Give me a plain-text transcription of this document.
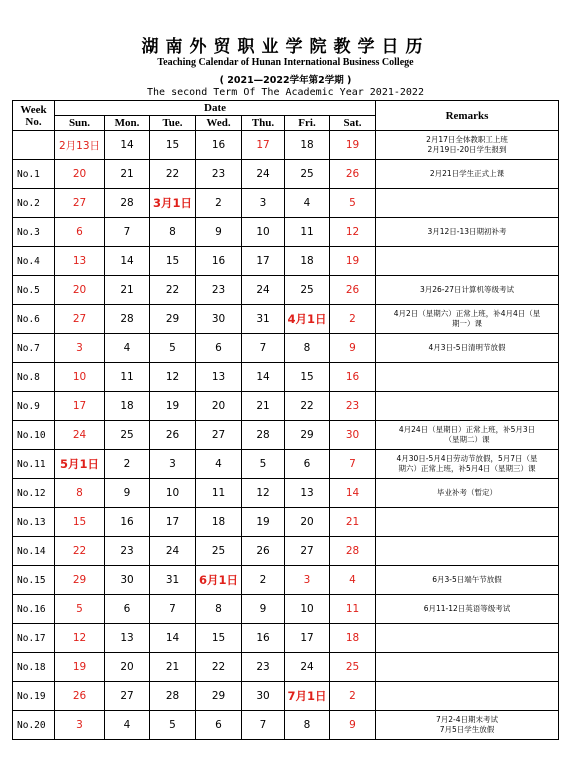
湖南外贸职业学院教学日历
Teaching Calendar of Hunan International Business College
( 2021—2022学年第2学期 )
The second Term Of The Academic Year 2021-2022
Week
No.	Date							Remarks
	Sun.	Mon.	Tue.	Wed.	Thu.	Fri.	Sat.	
	2月13日	14	15	16	17	18	19	2月17日全体教职工上班
2月19日-20日学生报到

No.1	20	21	22	23	24	25	26	2月21日学生正式上课

No.2	27	28	3月1日	2	3	4	5	
No.3	6	7	8	9	10	11	12	3月12日-13日期初补考

No.4	13	14	15	16	17	18	19	
No.5	20	21	22	23	24	25	26	3月26-27日计算机等级考试

No.6	27	28	29	30	31	4月1日	2	4月2日（星期六）正常上班，补4月4日（星
期一）课

No.7	3	4	5	6	7	8	9	4月3日-5日清明节放假

No.8	10	11	12	13	14	15	16	
No.9	17	18	19	20	21	22	23	
No.10	24	25	26	27	28	29	30	4月24日（星期日）正常上班，补5月3日
（星期二）课

No.11	5月1日	2	3	4	5	6	7	4月30日-5月4日劳动节放假，5月7日（星
期六）正常上班，补5月4日（星期三）课

No.12	8	9	10	11	12	13	14	毕业补考（暂定）

No.13	15	16	17	18	19	20	21	
No.14	22	23	24	25	26	27	28	
No.15	29	30	31	6月1日	2	3	4	6月3-5日端午节放假

No.16	5	6	7	8	9	10	11	6月11-12日英语等级考试

No.17	12	13	14	15	16	17	18	
No.18	19	20	21	22	23	24	25	
No.19	26	27	28	29	30	7月1日	2	
No.20	3	4	5	6	7	8	9	7月2-4日期末考试
7月5日学生放假
